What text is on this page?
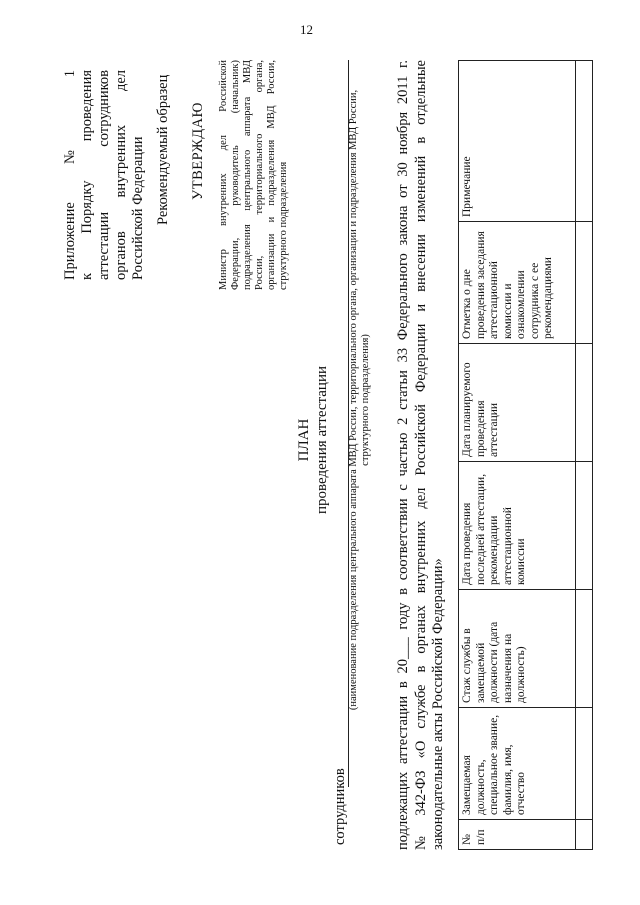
12
Приложение № 1 к Порядку проведения аттестации сотрудников органов внутренних дел Российской Федерации Рекомендуемый образец УТВЕРЖДАЮ Министр внутренних дел Российской Федерации, руководитель (начальник) подразделения центрального аппарата МВД России, территориального органа, организации и подразделения МВД России, структурного подразделения
ПЛАН проведения аттестации
сотрудников
(наименование подразделения центрального аппарата МВД России, территориального органа, организации и подразделения МВД России, структурного подразделения) подлежащих аттестации в 20___ году в соответствии с частью 2 статьи 33 Федерального закона от 30 ноября 2011 г. № 342-ФЗ «О службе в органах внутренних дел Российской Федерации и внесении изменений в отдельные законодательные акты Российской Федерации» № п/п	Замещаемая должность, специальное звание, фамилия, имя, отчество	Стаж службы в замещаемой должности (дата назначения на должность)	Дата проведения последней аттестации, рекомендации аттестационной комиссии	Дата планируемого проведения аттестации	Отметка о дне проведения заседания аттестационной комиссии и ознакомлении сотрудника с ее рекомендациями	Примечание
